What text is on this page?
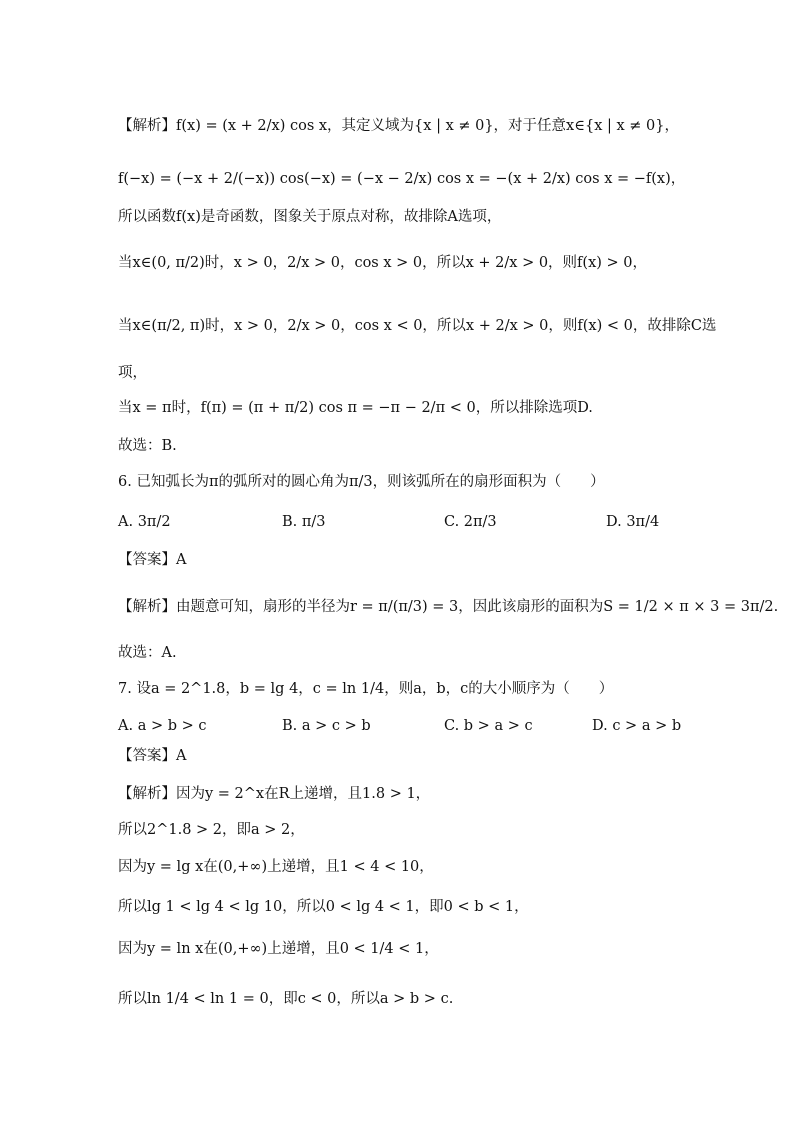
【解析】f(x) = (x + 2/x) cos x，其定义域为{x | x ≠ 0}，对于任意x∈{x | x ≠ 0}，
f(−x) = (−x + 2/(−x)) cos(−x) = (−x − 2/x) cos x = −(x + 2/x) cos x = −f(x)，
所以函数f(x)是奇函数，图象关于原点对称，故排除A选项，
当x∈(0, π/2)时，x > 0，2/x > 0，cos x > 0，所以x + 2/x > 0，则f(x) > 0，
当x∈(π/2, π)时，x > 0，2/x > 0，cos x < 0，所以x + 2/x > 0，则f(x) < 0，故排除C选
项，
当x = π时，f(π) = (π + π/2) cos π = −π − 2/π < 0，所以排除选项D.
故选：B.
6. 已知弧长为π的弧所对的圆心角为π/3，则该弧所在的扇形面积为（　　）
A. 3π/2	B. π/3	C. 2π/3	D. 3π/4
【答案】A
【解析】由题意可知，扇形的半径为r = π/(π/3) = 3，因此该扇形的面积为S = 1/2 × π × 3 = 3π/2.
故选：A.
7. 设a = 2^1.8，b = lg 4，c = ln 1/4，则a，b，c的大小顺序为（　　）
A. a > b > c	B. a > c > b	C. b > a > c	D. c > a > b
【答案】A
【解析】因为y = 2^x在R上递增，且1.8 > 1，
所以2^1.8 > 2，即a > 2，
因为y = lg x在(0,+∞)上递增，且1 < 4 < 10，
所以lg 1 < lg 4 < lg 10，所以0 < lg 4 < 1，即0 < b < 1，
因为y = ln x在(0,+∞)上递增，且0 < 1/4 < 1，
所以ln 1/4 < ln 1 = 0，即c < 0，所以a > b > c.
